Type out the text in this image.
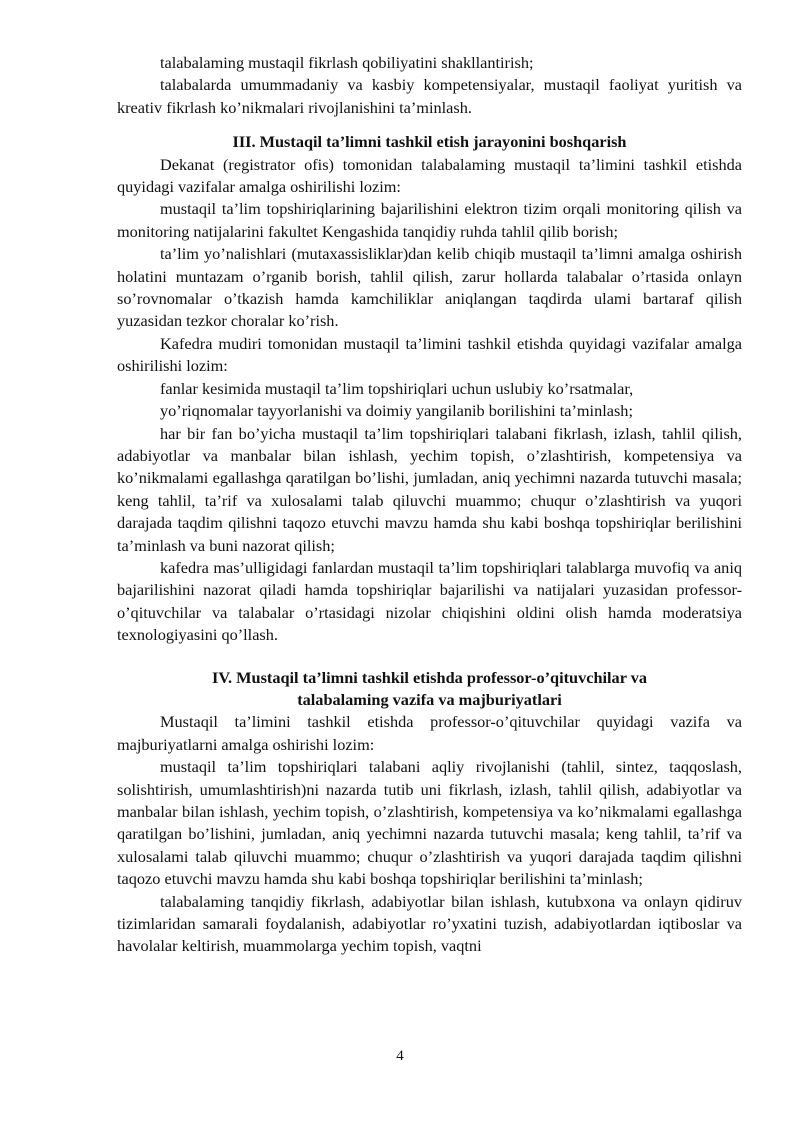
talabalaming mustaqil fikrlash qobiliyatini shakllantirish;

talabalarda umummadaniy va kasbiy kompetensiyalar, mustaqil faoliyat yuritish va kreativ fikrlash ko’nikmalari rivojlanishini ta’minlash.

III. Mustaqil ta’limni tashkil etish jarayonini boshqarish

Dekanat (registrator ofis) tomonidan talabalaming mustaqil ta’limini tashkil etishda quyidagi vazifalar amalga oshirilishi lozim:

mustaqil ta’lim topshiriqlarining bajarilishini elektron tizim orqali monitoring qilish va monitoring natijalarini fakultet Kengashida tanqidiy ruhda tahlil qilib borish;

ta’lim yo’nalishlari (mutaxassisliklar)dan kelib chiqib mustaqil ta’limni amalga oshirish holatini muntazam o’rganib borish, tahlil qilish, zarur hollarda talabalar o’rtasida onlayn so’rovnomalar o’tkazish hamda kamchiliklar aniqlangan taqdirda ulami bartaraf qilish yuzasidan tezkor choralar ko’rish.

Kafedra mudiri tomonidan mustaqil ta’limini tashkil etishda quyidagi vazifalar amalga oshirilishi lozim:

fanlar kesimida mustaqil ta’lim topshiriqlari uchun uslubiy ko’rsatmalar,

yo’riqnomalar tayyorlanishi va doimiy yangilanib borilishini ta’minlash;

har bir fan bo’yicha mustaqil ta’lim topshiriqlari talabani fikrlash, izlash, tahlil qilish, adabiyotlar va manbalar bilan ishlash, yechim topish, o’zlashtirish, kompetensiya va ko’nikmalami egallashga qaratilgan bo’lishi, jumladan, aniq yechimni nazarda tutuvchi masala; keng tahlil, ta’rif va xulosalami talab qiluvchi muammo; chuqur o’zlashtirish va yuqori darajada taqdim qilishni taqozo etuvchi mavzu hamda shu kabi boshqa topshiriqlar berilishini ta’minlash va buni nazorat qilish;

kafedra mas’ulligidagi fanlardan mustaqil ta’lim topshiriqlari talablarga muvofiq va aniq bajarilishini nazorat qiladi hamda topshiriqlar bajarilishi va natijalari yuzasidan professor-o’qituvchilar va talabalar o’rtasidagi nizolar chiqishini oldini olish hamda moderatsiya texnologiyasini qo’llash.

IV. Mustaqil ta’limni tashkil etishda professor-o’qituvchilar va
talabalaming vazifa va majburiyatlari

Mustaqil ta’limini tashkil etishda professor-o’qituvchilar quyidagi vazifa va majburiyatlarni amalga oshirishi lozim:

mustaqil ta’lim topshiriqlari talabani aqliy rivojlanishi (tahlil, sintez, taqqoslash, solishtirish, umumlashtirish)ni nazarda tutib uni fikrlash, izlash, tahlil qilish, adabiyotlar va manbalar bilan ishlash, yechim topish, o’zlashtirish, kompetensiya va ko’nikmalami egallashga qaratilgan bo’lishini, jumladan, aniq yechimni nazarda tutuvchi masala; keng tahlil, ta’rif va xulosalami talab qiluvchi muammo; chuqur o’zlashtirish va yuqori darajada taqdim qilishni taqozo etuvchi mavzu hamda shu kabi boshqa topshiriqlar berilishini ta’minlash;

talabalaming tanqidiy fikrlash, adabiyotlar bilan ishlash, kutubxona va onlayn qidiruv tizimlaridan samarali foydalanish, adabiyotlar ro’yxatini tuzish, adabiyotlardan iqtiboslar va havolalar keltirish, muammolarga yechim topish, vaqtni

4
